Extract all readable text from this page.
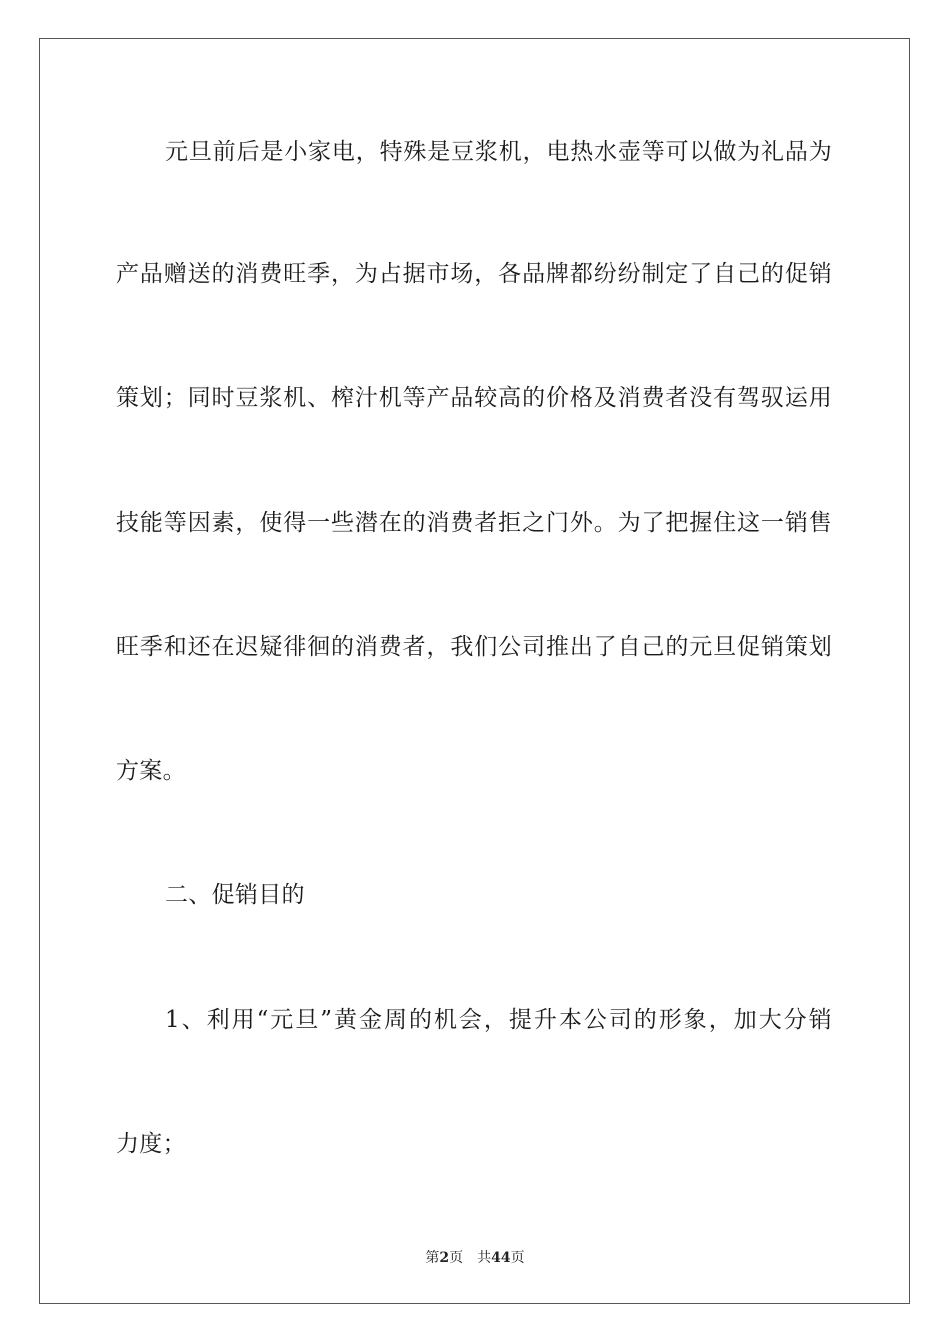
元旦前后是小家电，特殊是豆浆机，电热水壶等可以做为礼品为
产品赠送的消费旺季，为占据市场，各品牌都纷纷制定了自己的促销
策划；同时豆浆机、榨汁机等产品较高的价格及消费者没有驾驭运用
技能等因素，使得一些潜在的消费者拒之门外。为了把握住这一销售
旺季和还在迟疑徘徊的消费者，我们公司推出了自己的元旦促销策划
方案。
二、促销目的
1、利用“元旦”黄金周的机会，提升本公司的形象，加大分销
力度；
第2页 共44页
